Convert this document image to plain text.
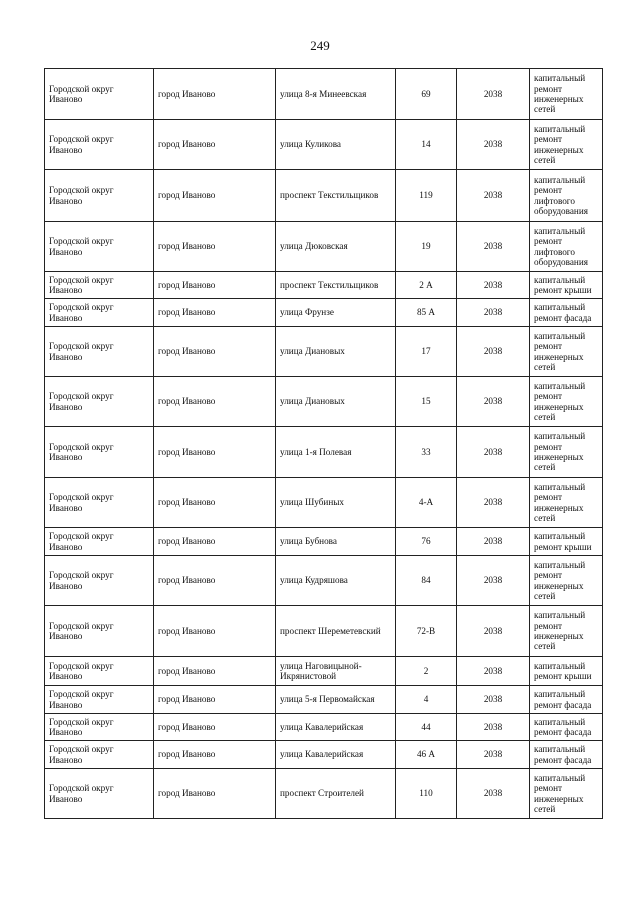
249
Городской округ Иваново	город Иваново	улица 8-я Минеевская	69	2038	капитальный ремонт инженерных сетей
Городской округ Иваново	город Иваново	улица Куликова	14	2038	капитальный ремонт инженерных сетей
Городской округ Иваново	город Иваново	проспект Текстильщиков	119	2038	капитальный ремонт лифтового оборудования
Городской округ Иваново	город Иваново	улица Дюковская	19	2038	капитальный ремонт лифтового оборудования
Городской округ Иваново	город Иваново	проспект Текстильщиков	2 А	2038	капитальный ремонт крыши
Городской округ Иваново	город Иваново	улица Фрунзе	85 А	2038	капитальный ремонт фасада
Городской округ Иваново	город Иваново	улица Диановых	17	2038	капитальный ремонт инженерных сетей
Городской округ Иваново	город Иваново	улица Диановых	15	2038	капитальный ремонт инженерных сетей
Городской округ Иваново	город Иваново	улица 1-я Полевая	33	2038	капитальный ремонт инженерных сетей
Городской округ Иваново	город Иваново	улица Шубиных	4-А	2038	капитальный ремонт инженерных сетей
Городской округ Иваново	город Иваново	улица Бубнова	76	2038	капитальный ремонт крыши
Городской округ Иваново	город Иваново	улица Кудряшова	84	2038	капитальный ремонт инженерных сетей
Городской округ Иваново	город Иваново	проспект Шереметевский	72-В	2038	капитальный ремонт инженерных сетей
Городской округ Иваново	город Иваново	улица Наговицыной-Икрянистовой	2	2038	капитальный ремонт крыши
Городской округ Иваново	город Иваново	улица 5-я Первомайская	4	2038	капитальный ремонт фасада
Городской округ Иваново	город Иваново	улица Кавалерийская	44	2038	капитальный ремонт фасада
Городской округ Иваново	город Иваново	улица Кавалерийская	46 А	2038	капитальный ремонт фасада
Городской округ Иваново	город Иваново	проспект Строителей	110	2038	капитальный ремонт инженерных сетей
